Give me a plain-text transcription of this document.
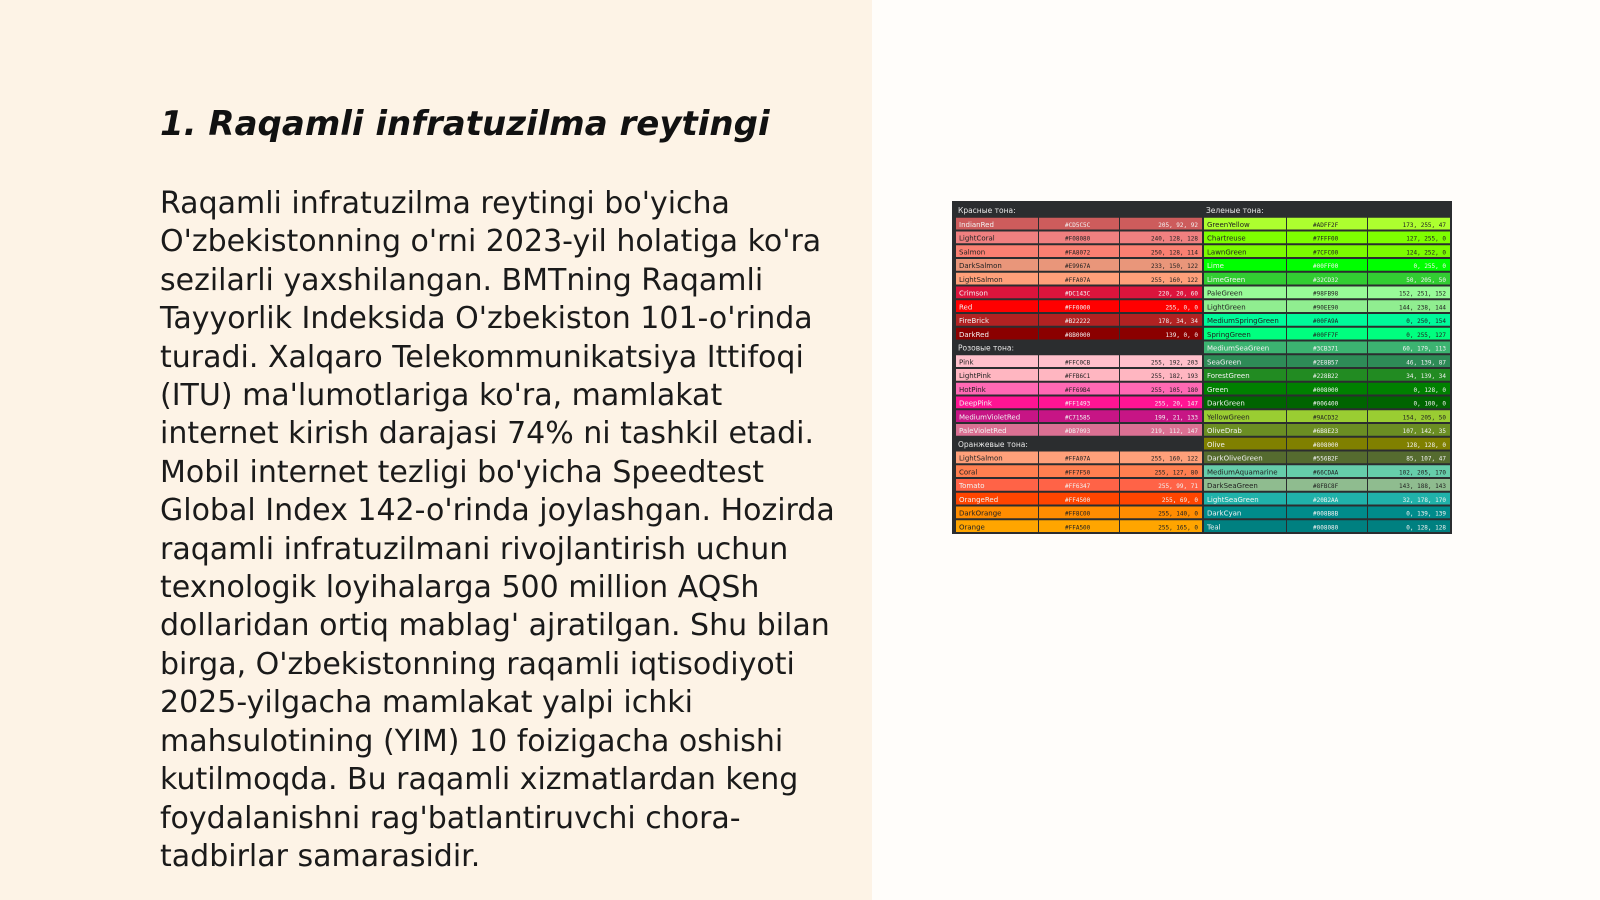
1. Raqamli infratuzilma reytingi

Raqamli infratuzilma reytingi bo'yicha O'zbekistonning o'rni 2023-yil holatiga ko'ra sezilarli yaxshilangan. BMTning Raqamli Tayyorlik Indeksida O'zbekiston 101-o'rinda turadi. Xalqaro Telekommunikatsiya Ittifoqi (ITU) ma'lumotlariga ko'ra, mamlakat internet kirish darajasi 74% ni tashkil etadi. Mobil internet tezligi bo'yicha Speedtest Global Index 142-o'rinda joylashgan. Hozirda raqamli infratuzilmani rivojlantirish uchun texnologik loyihalarga 500 million AQSh dollaridan ortiq mablag' ajratilgan. Shu bilan birga, O'zbekistonning raqamli iqtisodiyoti 2025-yilgacha mamlakat yalpi ichki mahsulotining (YIM) 10 foizigacha oshishi kutilmoqda. Bu raqamli xizmatlardan keng foydalanishni rag'batlantiruvchi chora-tadbirlar samarasidir.

Красные тона:
IndianRed	#CD5C5C	205, 92, 92
LightCoral	#F08080	240, 128, 128
Salmon	#FA8072	250, 128, 114
DarkSalmon	#E9967A	233, 150, 122
LightSalmon	#FFA07A	255, 160, 122
Crimson	#DC143C	220, 20, 60
Red	#FF0000	255, 0, 0
FireBrick	#B22222	178, 34, 34
DarkRed	#8B0000	139, 0, 0
Розовые тона:
Pink	#FFC0CB	255, 192, 203
LightPink	#FFB6C1	255, 182, 193
HotPink	#FF69B4	255, 105, 180
DeepPink	#FF1493	255, 20, 147
MediumVioletRed	#C71585	199, 21, 133
PaleVioletRed	#DB7093	219, 112, 147
Оранжевые тона:
LightSalmon	#FFA07A	255, 160, 122
Coral	#FF7F50	255, 127, 80
Tomato	#FF6347	255, 99, 71
OrangeRed	#FF4500	255, 69, 0
DarkOrange	#FF8C00	255, 140, 0
Orange	#FFA500	255, 165, 0
Зеленые тона:
GreenYellow	#ADFF2F	173, 255, 47
Chartreuse	#7FFF00	127, 255, 0
LawnGreen	#7CFC00	124, 252, 0
Lime	#00FF00	0, 255, 0
LimeGreen	#32CD32	50, 205, 50
PaleGreen	#98FB98	152, 251, 152
LightGreen	#90EE90	144, 238, 144
MediumSpringGreen	#00FA9A	0, 250, 154
SpringGreen	#00FF7F	0, 255, 127
MediumSeaGreen	#3CB371	60, 179, 113
SeaGreen	#2E8B57	46, 139, 87
ForestGreen	#228B22	34, 139, 34
Green	#008000	0, 128, 0
DarkGreen	#006400	0, 100, 0
YellowGreen	#9ACD32	154, 205, 50
OliveDrab	#6B8E23	107, 142, 35
Olive	#808000	128, 128, 0
DarkOliveGreen	#556B2F	85, 107, 47
MediumAquamarine	#66CDAA	102, 205, 170
DarkSeaGreen	#8FBC8F	143, 188, 143
LightSeaGreen	#20B2AA	32, 178, 170
DarkCyan	#008B8B	0, 139, 139
Teal	#008080	0, 128, 128
